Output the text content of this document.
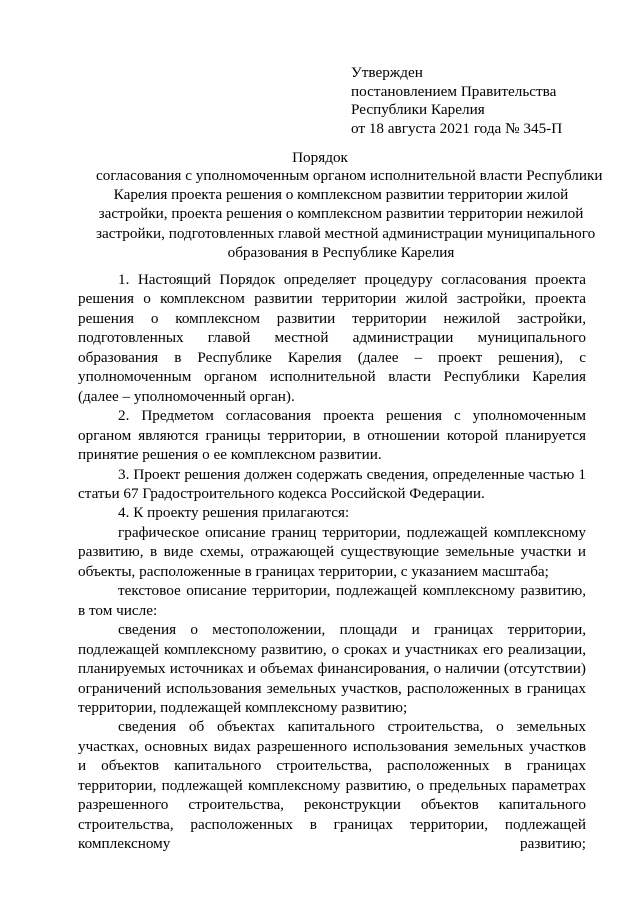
Утвержден
постановлением Правительства
Республики Карелия
от 18 августа 2021 года № 345-П
Порядок
согласования с уполномоченным органом исполнительной власти Республики
Карелия проекта решения о комплексном развитии территории жилой
застройки, проекта решения о комплексном развитии территории нежилой
застройки, подготовленных главой местной администрации муниципального
образования в Республике Карелия

1. Настоящий Порядок определяет процедуру согласования проекта решения о комплексном развитии территории жилой застройки, проекта решения о комплексном развитии территории нежилой застройки, подготовленных главой местной администрации муниципального образования в Республике Карелия (далее – проект решения), с уполномоченным органом исполнительной власти Республики Карелия (далее – уполномоченный орган).

2. Предметом согласования проекта решения с уполномоченным органом являются границы территории, в отношении которой планируется принятие решения о ее комплексном развитии.

3. Проект решения должен содержать сведения, определенные частью 1 статьи 67 Градостроительного кодекса Российской Федерации.

4. К проекту решения прилагаются:

графическое описание границ территории, подлежащей комплексному развитию, в виде схемы, отражающей существующие земельные участки и объекты, расположенные в границах территории, с указанием масштаба;

текстовое описание территории, подлежащей комплексному развитию, в том числе:

сведения о местоположении, площади и границах территории, подлежащей комплексному развитию, о сроках и участниках его реализации, планируемых источниках и объемах финансирования, о наличии (отсутствии) ограничений использования земельных участков, расположенных в границах территории, подлежащей комплексному развитию;

сведения об объектах капитального строительства, о земельных участках, основных видах разрешенного использования земельных участков и объектов капитального строительства, расположенных в границах территории, подлежащей комплексному развитию, о предельных параметрах разрешенного строительства, реконструкции объектов капитального строительства, расположенных в границах территории, подлежащей комплексному развитию;
